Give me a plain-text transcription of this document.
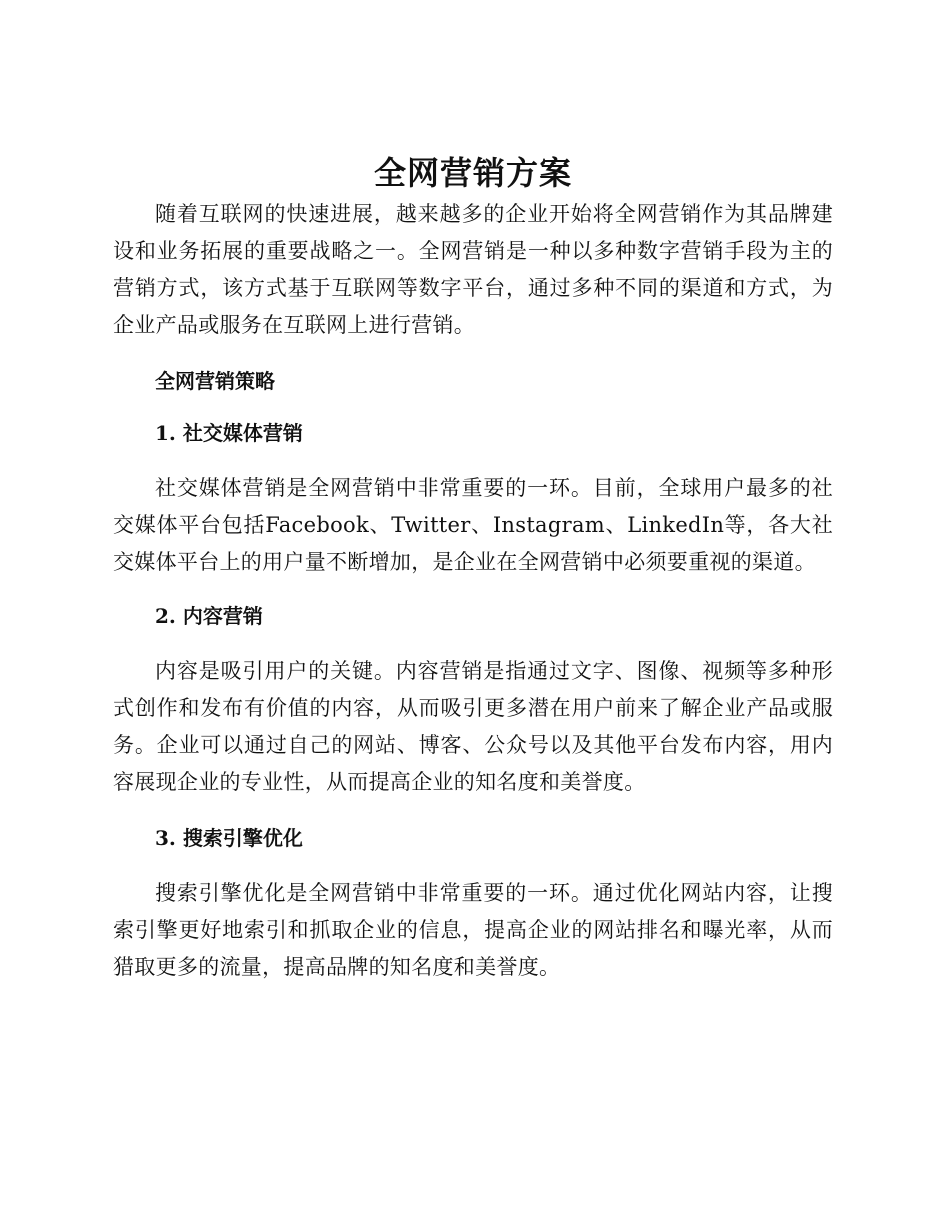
全网营销方案

随着互联网的快速进展，越来越多的企业开始将全网营销作为其品牌建设和业务拓展的重要战略之一。全网营销是一种以多种数字营销手段为主的营销方式，该方式基于互联网等数字平台，通过多种不同的渠道和方式，为企业产品或服务在互联网上进行营销。

全网营销策略
1. 社交媒体营销

社交媒体营销是全网营销中非常重要的一环。目前，全球用户最多的社交媒体平台包括Facebook、Twitter、Instagram、LinkedIn等，各大社交媒体平台上的用户量不断增加，是企业在全网营销中必须要重视的渠道。

2. 内容营销

内容是吸引用户的关键。内容营销是指通过文字、图像、视频等多种形式创作和发布有价值的内容，从而吸引更多潜在用户前来了解企业产品或服务。企业可以通过自己的网站、博客、公众号以及其他平台发布内容，用内容展现企业的专业性，从而提高企业的知名度和美誉度。

3. 搜索引擎优化

搜索引擎优化是全网营销中非常重要的一环。通过优化网站内容，让搜索引擎更好地索引和抓取企业的信息，提高企业的网站排名和曝光率，从而猎取更多的流量，提高品牌的知名度和美誉度。
